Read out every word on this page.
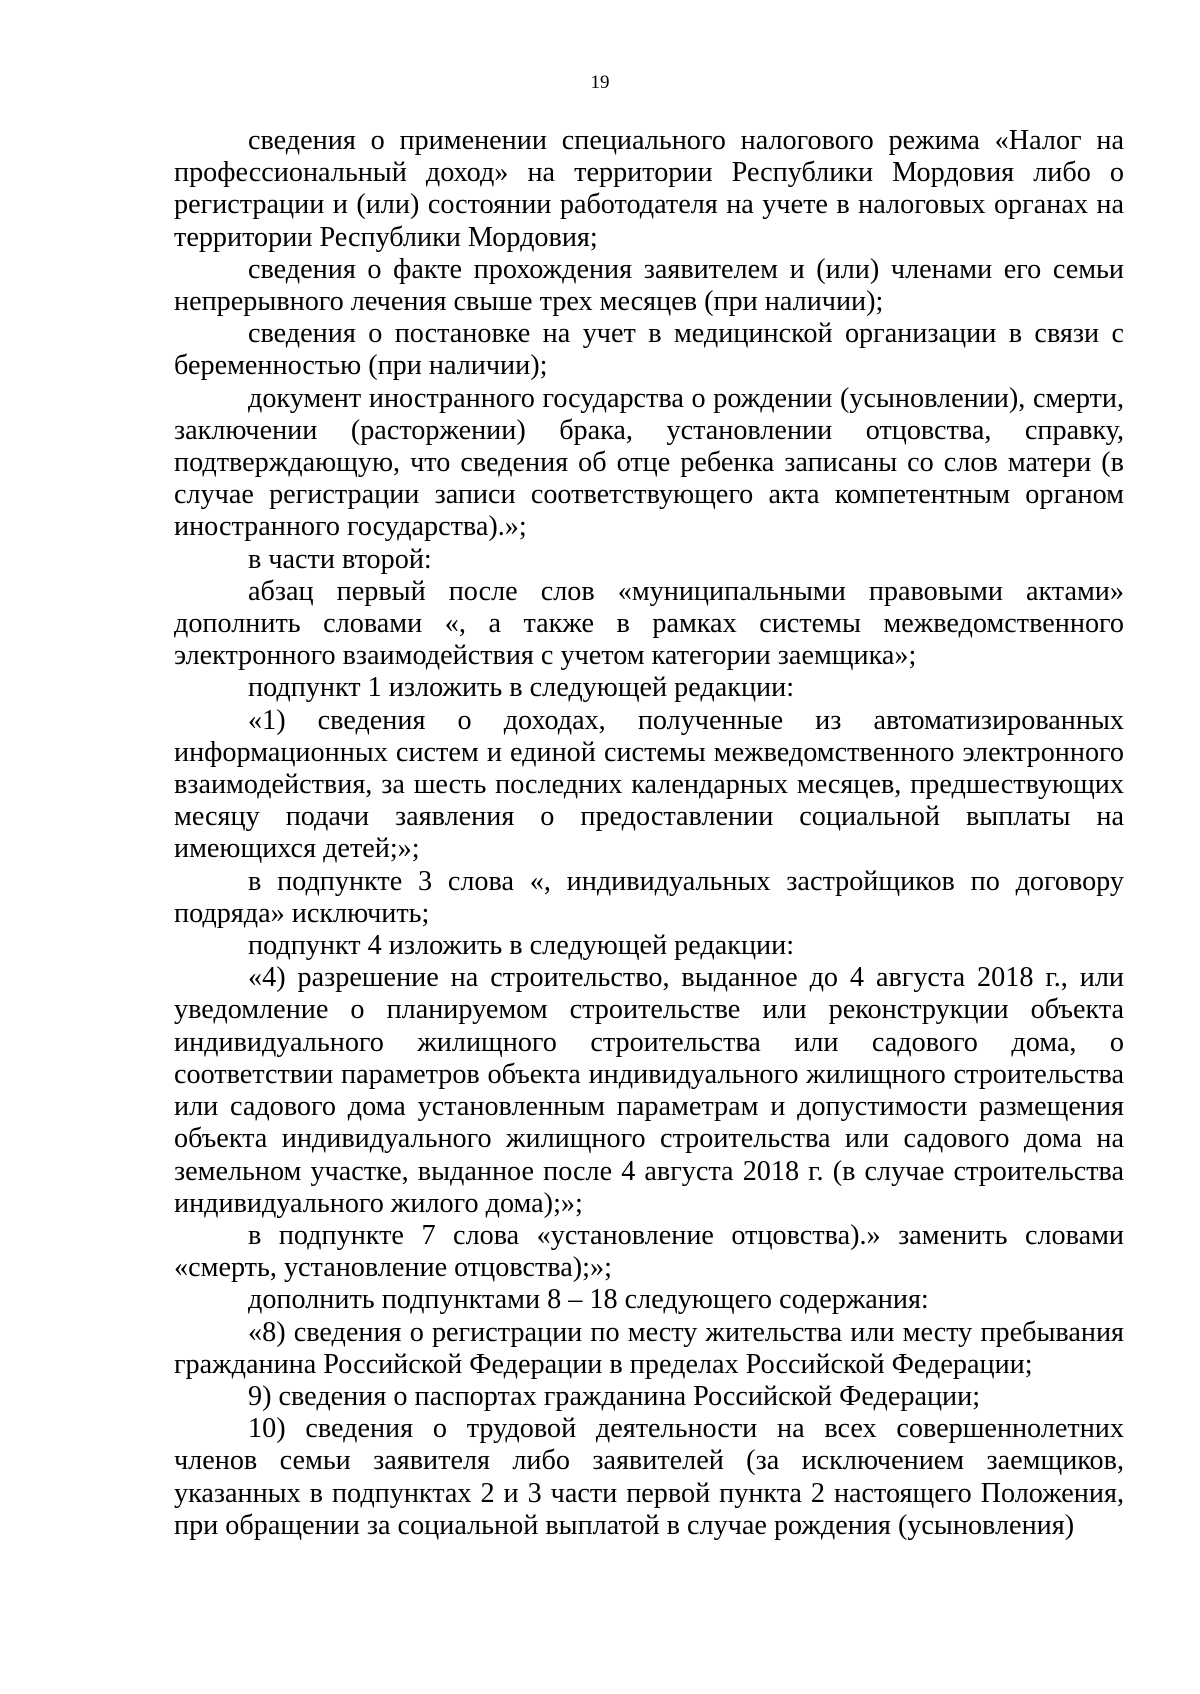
19

сведения о применении специального налогового режима «Налог на профессиональный доход» на территории Республики Мордовия либо о регистрации и (или) состоянии работодателя на учете в налоговых органах на территории Республики Мордовия;

сведения о факте прохождения заявителем и (или) членами его семьи непрерывного лечения свыше трех месяцев (при наличии);

сведения о постановке на учет в медицинской организации в связи с беременностью (при наличии);

документ иностранного государства о рождении (усыновлении), смерти, заключении (расторжении) брака, установлении отцовства, справку, подтверждающую, что сведения об отце ребенка записаны со слов матери (в случае регистрации записи соответствующего акта компетентным органом иностранного государства).»;

в части второй:

абзац первый после слов «муниципальными правовыми актами» дополнить словами «, а также в рамках системы межведомственного электронного взаимодействия с учетом категории заемщика»;

подпункт 1 изложить в следующей редакции:

«1) сведения о доходах, полученные из автоматизированных информационных систем и единой системы межведомственного электронного взаимодействия, за шесть последних календарных месяцев, предшествующих месяцу подачи заявления о предоставлении социальной выплаты на имеющихся детей;»;

в подпункте 3 слова «, индивидуальных застройщиков по договору подряда» исключить;

подпункт 4 изложить в следующей редакции:

«4) разрешение на строительство, выданное до 4 августа 2018 г., или уведомление о планируемом строительстве или реконструкции объекта индивидуального жилищного строительства или садового дома, о соответствии параметров объекта индивидуального жилищного строительства или садового дома установленным параметрам и допустимости размещения объекта индивидуального жилищного строительства или садового дома на земельном участке, выданное после 4 августа 2018 г. (в случае строительства индивидуального жилого дома);»;

в подпункте 7 слова «установление отцовства).» заменить словами «смерть, установление отцовства);»;

дополнить подпунктами 8 – 18 следующего содержания:

«8) сведения о регистрации по месту жительства или месту пребывания гражданина Российской Федерации в пределах Российской Федерации;

9) сведения о паспортах гражданина Российской Федерации;

10) сведения о трудовой деятельности на всех совершеннолетних членов семьи заявителя либо заявителей (за исключением заемщиков, указанных в подпунктах 2 и 3 части первой пункта 2 настоящего Положения, при обращении за социальной выплатой в случае рождения (усыновления)
